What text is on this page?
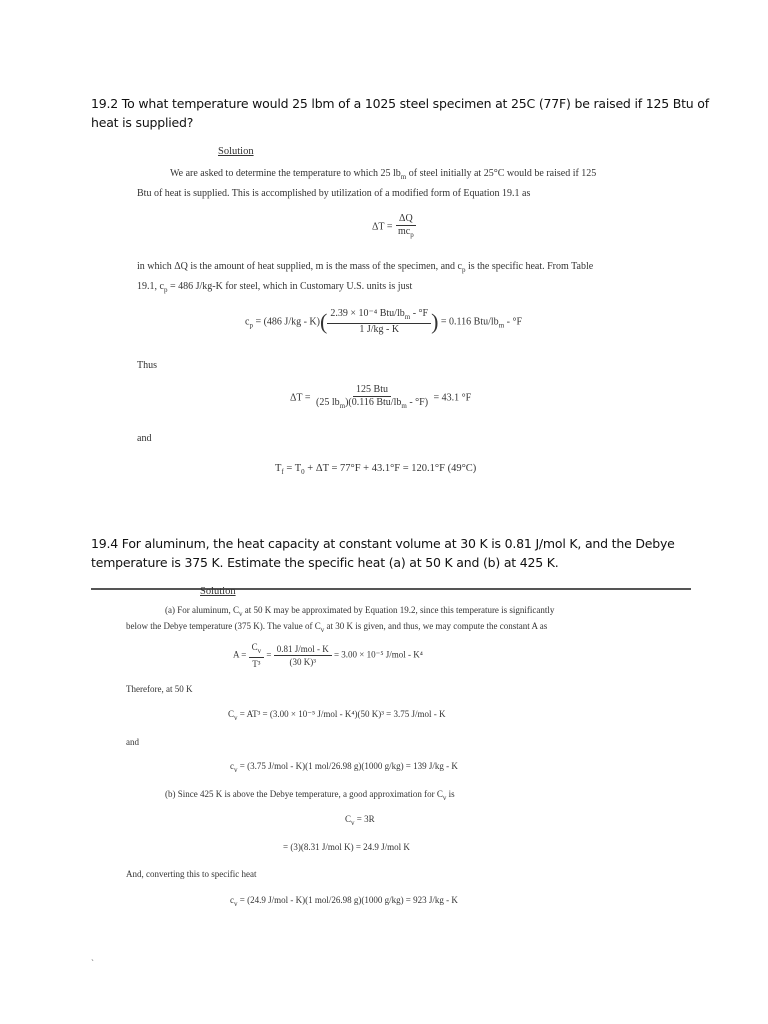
19.2 To what temperature would 25 lbm of a 1025 steel specimen at 25C (77F) be raised if 125 Btu of
heat is supplied?
Solution
We are asked to determine the temperature to which 25 $lb_m$ of steel initially at 25°C would be raised if 125
Btu of heat is supplied. This is accomplished by utilization of a modified form of Equation 19.1 as
$\Delta T = \frac{\Delta Q}{mc_p}$
in which ΔQ is the amount of heat supplied, m is the mass of the specimen, and $c_p$ is the specific heat. From Table
19.1, $c_p = 486$ J/kg-K for steel, which in Customary U.S. units is just
$c_p = (486$ $J/kg - K)( \frac{2.39 \times 10^{-4} Btu/lb_m - ^\circ F}{1 J/kg - K}$ ) = 0.116 Btu/$lb_m - ^\circ F$
Thus
$\Delta T = \frac{\text{125 Btu}}{(25 lb_m)(0.116 Btu/lb_m - ^\circ F)} = 43.1$ °F
and
$T_f = T_0 + \Delta T = 77^\circ F + 43.1^\circ F = 120.1^\circ F$ (49°C)
19.4 For aluminum, the heat capacity at constant volume at 30 K is 0.81 J/mol K, and the Debye
temperature is 375 K. Estimate the specific heat (a) at 50 K and (b) at 425 K.
Solution
(a) For aluminum, $C_v$ at 50 K may be approximated by Equation 19.2, since this temperature is significantly
below the Debye temperature (375 K). The value of $C_v$ at 30 K is given, and thus, we may compute the constant A as
$A = \frac{C_v}{\text{T³}} = \frac{\text{0.81 J/mol - K}}{\text{(30 K)³}} = 3.00 \times 10^{-5}$ J/mol - K⁴
Therefore, at 50 K
$C_v = AT^3 = (3.00 \times 10^{-5}$ J/mol - K⁴)(50 K)³ = 3.75 J/mol - K
and
$c_v = (3.75$ J/mol - K)(1 mol/26.98 g)(1000 g/kg) = 139 J/kg - K
(b) Since 425 K is above the Debye temperature, a good approximation for $C_v$ is
$C_v = 3R$
= (3)(8.31 J/mol K) = 24.9 J/mol K
And, converting this to specific heat
$c_v = (24.9$ J/mol - K)(1 mol/26.98 g)(1000 g/kg) = 923 J/kg - K
`
